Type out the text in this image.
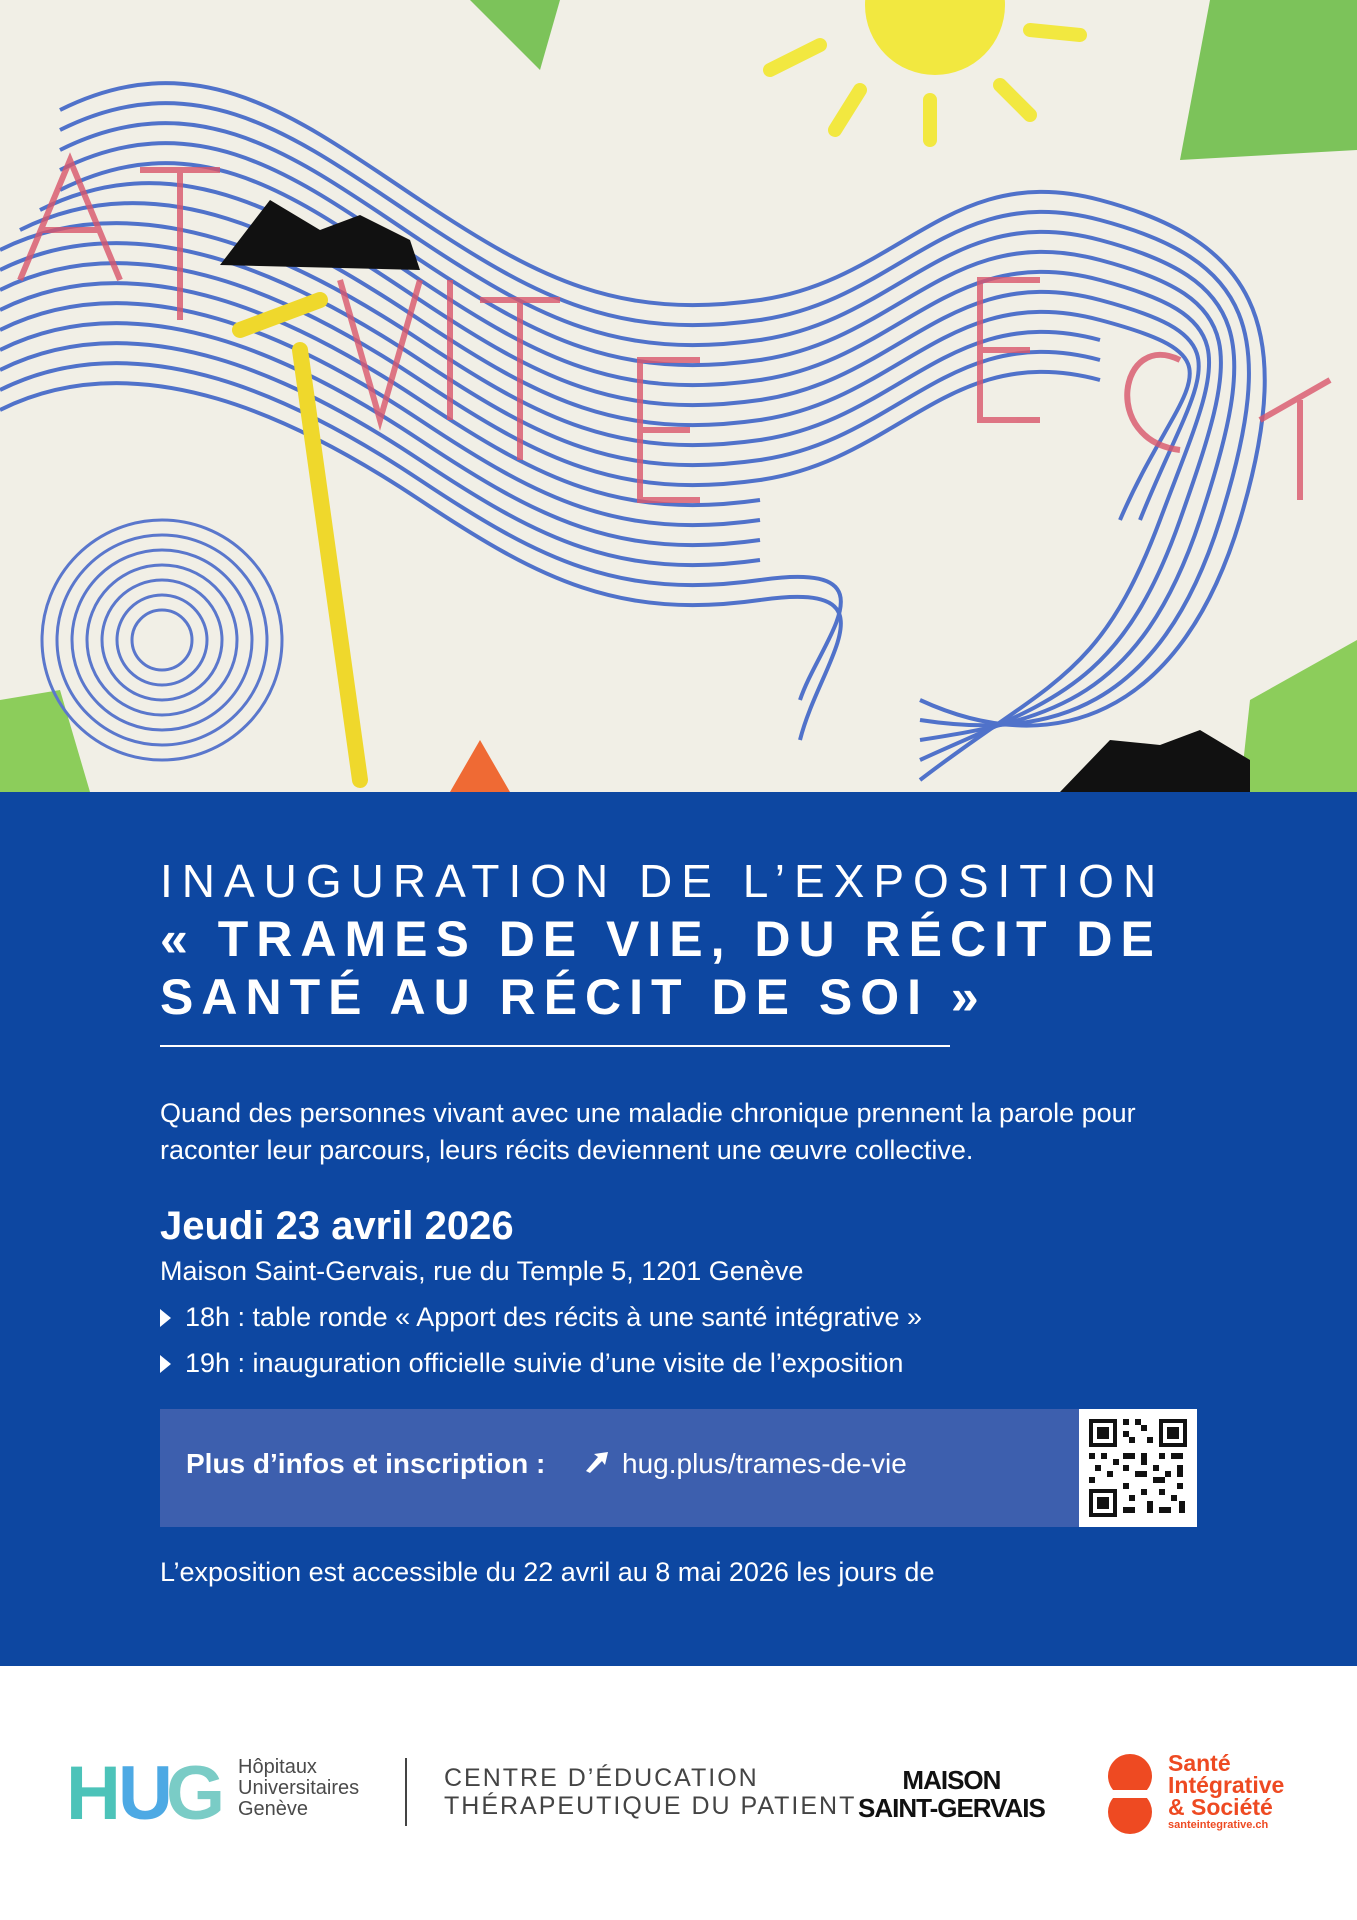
INAUGURATION DE L’EXPOSITION
« TRAMES DE VIE, DU RÉCIT DE
SANTÉ AU RÉCIT DE SOI »
Quand des personnes vivant avec une maladie chronique prennent la parole pour raconter leur parcours, leurs récits deviennent une œuvre collective.
Jeudi 23 avril 2026
Maison Saint-Gervais, rue du Temple 5, 1201 Genève
18h : table ronde « Apport des récits à une santé intégrative »
19h : inauguration officielle suivie d’une visite de l’exposition
Plus d’infos et inscription :	hug.plus/trames-de-vie
L’exposition est accessible du 22 avril au 8 mai 2026 les jours de
H U
G Hôpitaux
Universitaires
Genève
CENTRE D’ÉDUCATION
THÉRAPEUTIQUE DU PATIENT
MAISON
SAINT-GERVAIS
Santé
Intégrative
& Société
santeintegrative.ch
